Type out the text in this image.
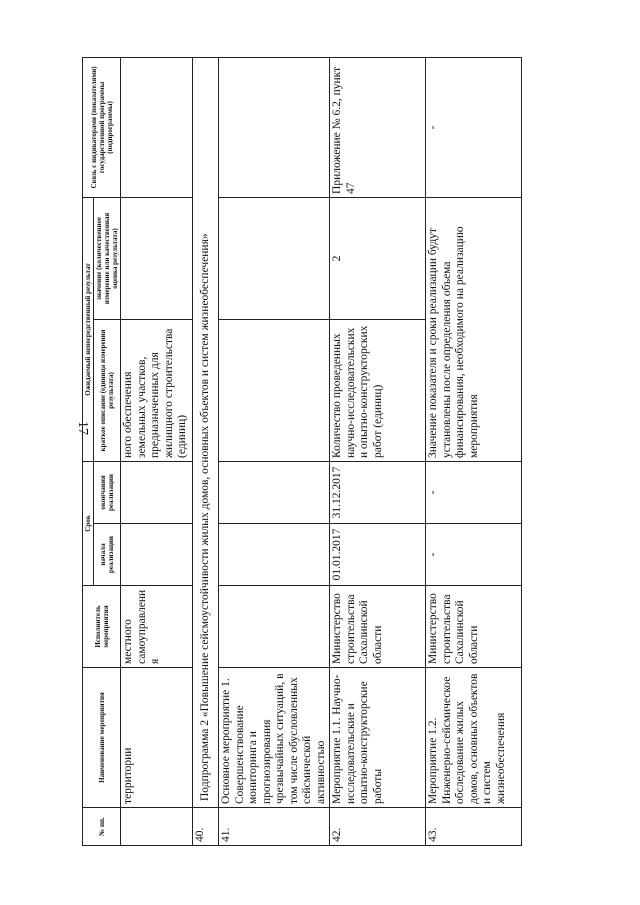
17
№ пп.	Наименование мероприятия	Исполнитель мероприятия	Срок		Ожидаемый непосредственный результат		Связь с индикаторами (показателями) государственной программы (подпрограммы)
			начала реализации	окончания реализации	краткое описание (единица измерения результата)	значение (количественное измерение или качественная оценка результата)	
	территории	местного самоуправления			ного обеспечения земельных участков, предназначенных для жилищного строительства (единиц)		
40.	Подпрограмма 2 «Повышение сейсмоустойчивости жилых домов, основных объектов и систем жизнеобеспечения»						
41.	Основное мероприятие 1. Совершенствование мониторинга и прогнозирования чрезвычайных ситуаций, в том числе обусловленных сейсмической активностью						
42.	Мероприятие 1.1. Научно-исследовательские и опытно-конструкторские работы	Министерство строительства Сахалинской области	01.01.2017	31.12.2017	Количество проведенных научно-исследовательских и опытно-конструкторских работ (единиц)	2	Приложение № 6.2, пункт 47
43.	Мероприятие 1.2. Инженерно-сейсмическое обследование жилых домов, основных объектов и систем жизнеобеспечения	Министерство строительства Сахалинской области	-	-	Значение показателя и сроки реализации будут установлены после определения объема финансирования, необходимого на реализацию мероприятия		-
